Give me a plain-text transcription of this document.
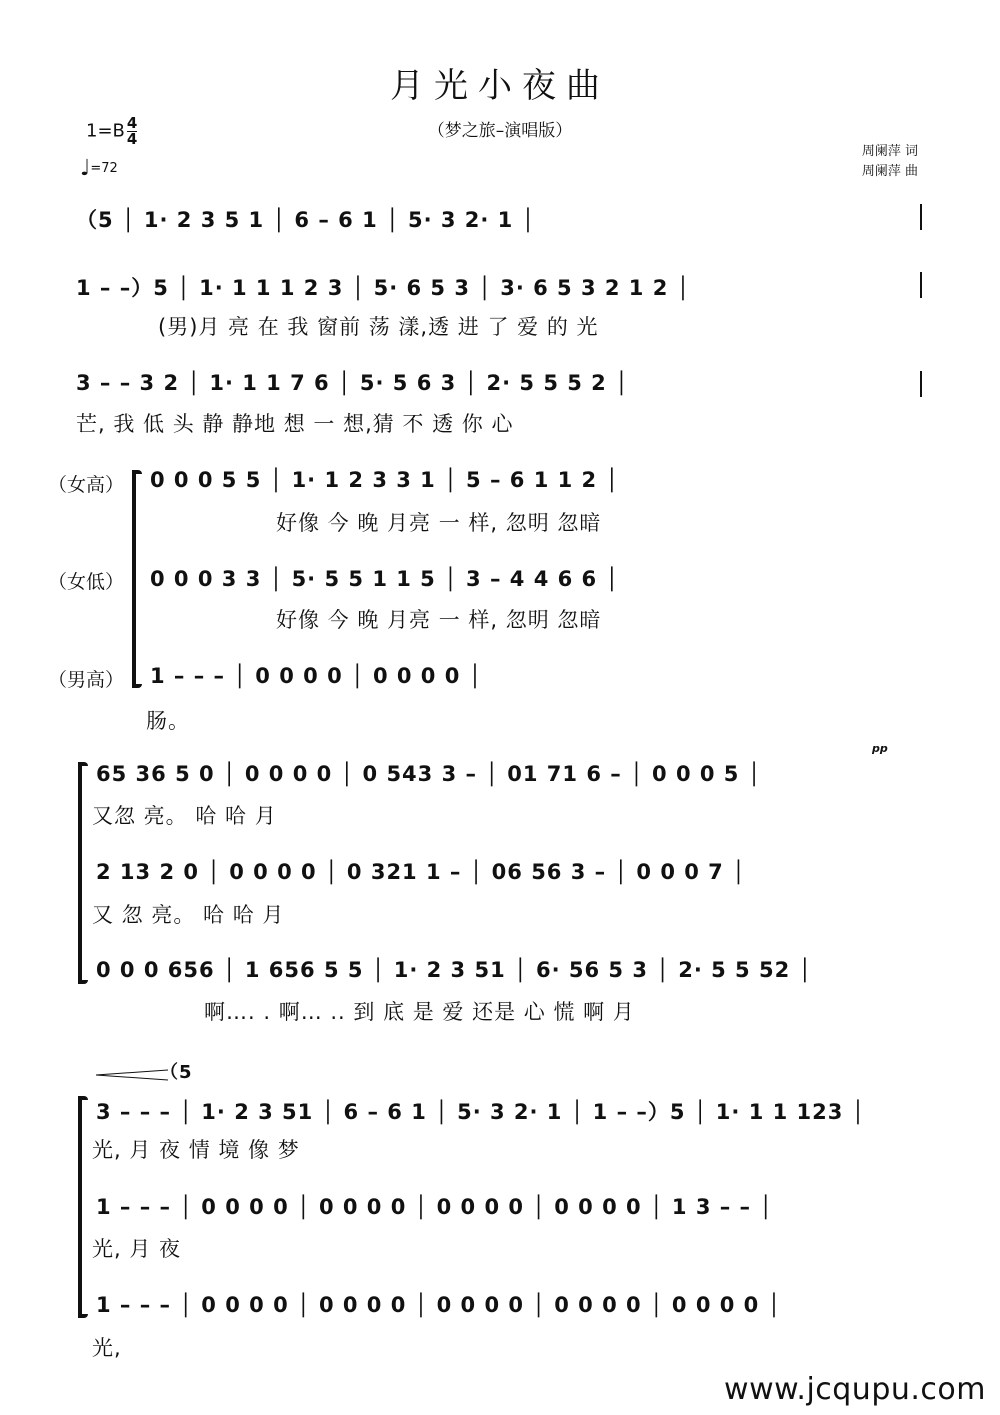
月光小夜曲
（梦之旅–演唱版）
$1=B \frac{4}{4}$
♩=72
周阑萍 词
周阑萍 曲
（5 │ 1· 2 3 5 1 │ 6 – 6 1 │ 5· 3 2· 1 │
1 – –）5 │ 1· 1 1 1 2 3 │ 5· 6 5 3 │ 3· 6 5 3 2 1 2 │
(男)月 亮 在 我 窗前 荡 漾,透 进 了 爱 的 光
3 – – 3 2 │ 1· 1 1 7 6 │ 5· 5 6 3 │ 2· 5 5 5 2 │
芒, 我 低 头 静 静地 想 一 想,猜 不 透 你 心
（女高）
（女低）
（男高）
0 0 0 5 5 │ 1· 1 2 3 3 1 │ 5 – 6 1 1 2 │
好像 今 晚 月亮 一 样, 忽明 忽暗
0 0 0 3 3 │ 5· 5 5 1 1 5 │ 3 – 4 4 6 6 │
好像 今 晚 月亮 一 样, 忽明 忽暗
1 – – – │ 0 0 0 0 │ 0 0 0 0 │
肠。
pp
65 36 5 0 │ 0 0 0 0 │ 0 543 3 – │ 01 71 6 – │ 0 0 0 5 │
又忽 亮。 哈 哈 月
2 13 2 0 │ 0 0 0 0 │ 0 321 1 – │ 06 56 3 – │ 0 0 0 7 │
又 忽 亮。 哈 哈 月
0 0 0 656 │ 1 656 5 5 │ 1· 2 3 51 │ 6· 56 5 3 │ 2· 5 5 52 │
啊…. . 啊… .. 到 底 是 爱 还是 心 慌 啊 月
（5
3 – – – │ 1· 2 3 51 │ 6 – 6 1 │ 5· 3 2· 1 │ 1 – –）5 │ 1· 1 1 123 │
光, 月 夜 情 境 像 梦
1 – – – │ 0 0 0 0 │ 0 0 0 0 │ 0 0 0 0 │ 0 0 0 0 │ 1 3 – – │
光, 月 夜
1 – – – │ 0 0 0 0 │ 0 0 0 0 │ 0 0 0 0 │ 0 0 0 0 │ 0 0 0 0 │
光,
www.jcqupu.com
